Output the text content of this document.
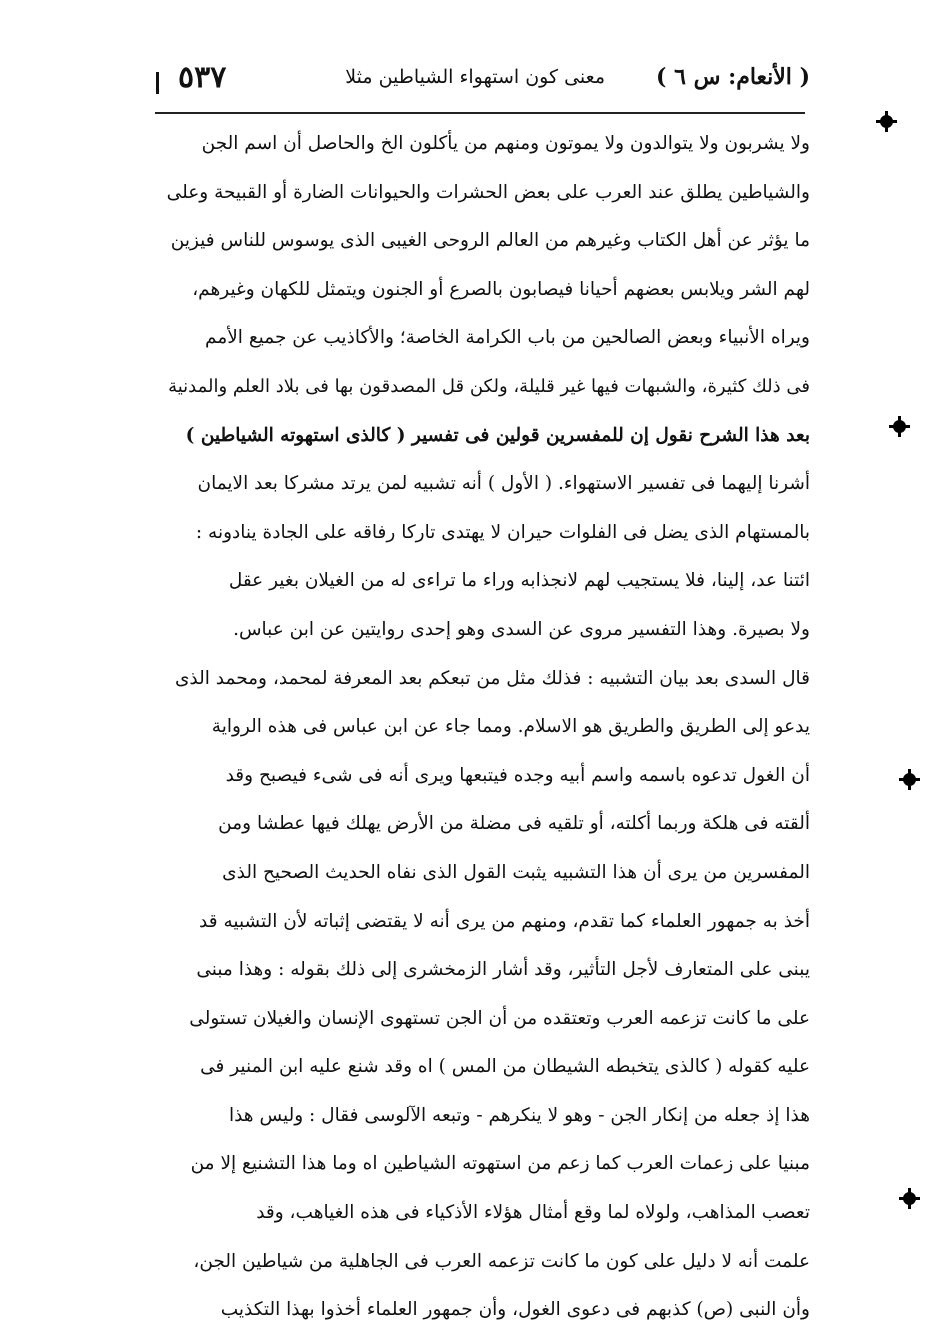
( الأنعام: س ٦ )
معنى كون استهواء الشياطين مثلا
٥٣٧
ولا يشربون ولا يتوالدون ولا يموتون ومنهم من يأكلون الخ والحاصل أن اسم الجن
والشياطين يطلق عند العرب على بعض الحشرات والحيوانات الضارة أو القبيحة وعلى
ما يؤثر عن أهل الكتاب وغيرهم من العالم الروحى الغيبى الذى يوسوس للناس فيزين
لهم الشر ويلابس بعضهم أحيانا فيصابون بالصرع أو الجنون ويتمثل للكهان وغيرهم،
ويراه الأنبياء وبعض الصالحين من باب الكرامة الخاصة؛ والأكاذيب عن جميع الأمم
فى ذلك كثيرة، والشبهات فيها غير قليلة، ولكن قل المصدقون بها فى بلاد العلم والمدنية
بعد هذا الشرح نقول إن للمفسرين قولين فى تفسير ( كالذى استهوته الشياطين )
أشرنا إليهما فى تفسير الاستهواء. ( الأول ) أنه تشبيه لمن يرتد مشركا بعد الايمان
بالمستهام الذى يضل فى الفلوات حيران لا يهتدى تاركا رفاقه على الجادة ينادونه :
ائتنا عد، إلينا، فلا يستجيب لهم لانجذابه وراء ما تراءى له من الغيلان بغير عقل
ولا بصيرة. وهذا التفسير مروى عن السدى وهو إحدى روايتين عن ابن عباس.
قال السدى بعد بيان التشبيه : فذلك مثل من تبعكم بعد المعرفة لمحمد، ومحمد الذى
يدعو إلى الطريق والطريق هو الاسلام. ومما جاء عن ابن عباس فى هذه الرواية
أن الغول تدعوه باسمه واسم أبيه وجده فيتبعها ويرى أنه فى شىء فيصبح وقد
ألقته فى هلكة وربما أكلته، أو تلقيه فى مضلة من الأرض يهلك فيها عطشا ومن
المفسرين من يرى أن هذا التشبيه يثبت القول الذى نفاه الحديث الصحيح الذى
أخذ به جمهور العلماء كما تقدم، ومنهم من يرى أنه لا يقتضى إثباته لأن التشبيه قد
يبنى على المتعارف لأجل التأثير، وقد أشار الزمخشرى إلى ذلك بقوله : وهذا مبنى
على ما كانت تزعمه العرب وتعتقده من أن الجن تستهوى الإنسان والغيلان تستولى
عليه كقوله ( كالذى يتخبطه الشيطان من المس ) اه وقد شنع عليه ابن المنير فى
هذا إذ جعله من إنكار الجن - وهو لا ينكرهم - وتبعه الآلوسى فقال : وليس هذا
مبنيا على زعمات العرب كما زعم من استهوته الشياطين اه وما هذا التشنيع إلا من
تعصب المذاهب، ولولاه لما وقع أمثال هؤلاء الأذكياء فى هذه الغياهب، وقد
علمت أنه لا دليل على كون ما كانت تزعمه العرب فى الجاهلية من شياطين الجن،
وأن النبى (ص) كذبهم فى دعوى الغول، وأن جمهور العلماء أخذوا بهذا التكذيب
